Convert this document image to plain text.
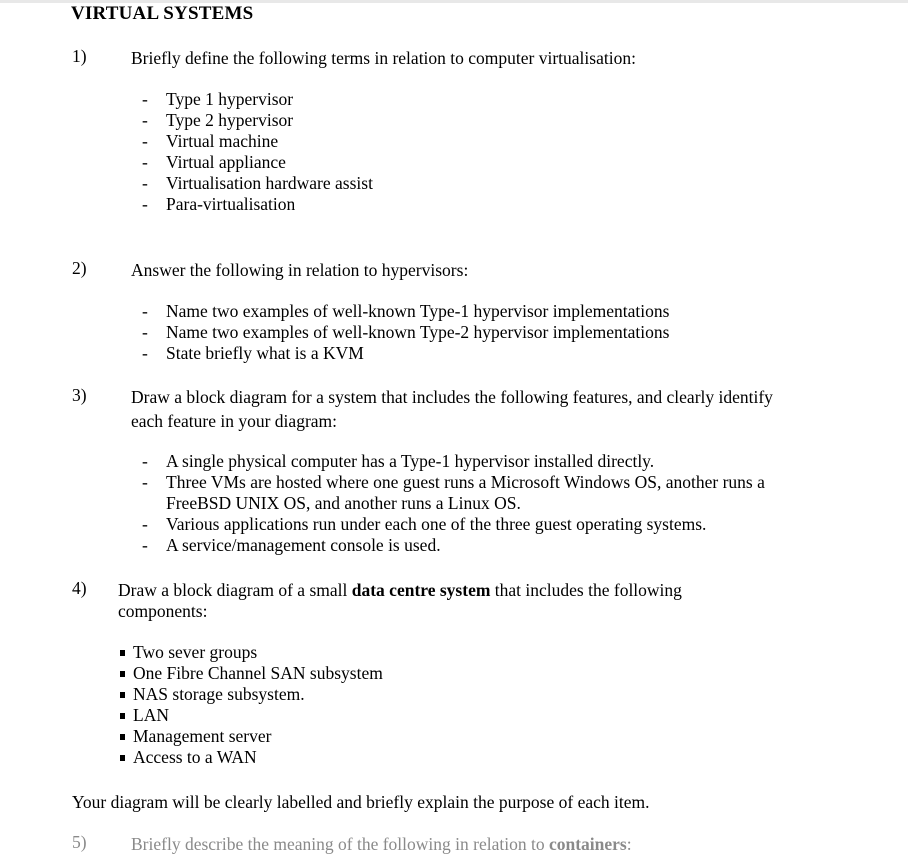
VIRTUAL SYSTEMS
1)	Briefly define the following terms in relation to computer virtualisation:
- Type 1 hypervisor
- Type 2 hypervisor
- Virtual machine
- Virtual appliance
- Virtualisation hardware assist
- Para-virtualisation
2)	Answer the following in relation to hypervisors:
- Name two examples of well-known Type-1 hypervisor implementations
- Name two examples of well-known Type-2 hypervisor implementations
- State briefly what is a KVM
3)	Draw a block diagram for a system that includes the following features, and clearly identify
each feature in your diagram:
- A single physical computer has a Type-1 hypervisor installed directly.
- Three VMs are hosted where one guest runs a Microsoft Windows OS, another runs a
FreeBSD UNIX OS, and another runs a Linux OS.
- Various applications run under each one of the three guest operating systems.
- A service/management console is used.
4) Draw a block diagram of a small data centre system that includes the following
components:
Two sever groups
One Fibre Channel SAN subsystem
NAS storage subsystem.
LAN
Management server
Access to a WAN
Your diagram will be clearly labelled and briefly explain the purpose of each item.
5)	Briefly describe the meaning of the following in relation to containers:
